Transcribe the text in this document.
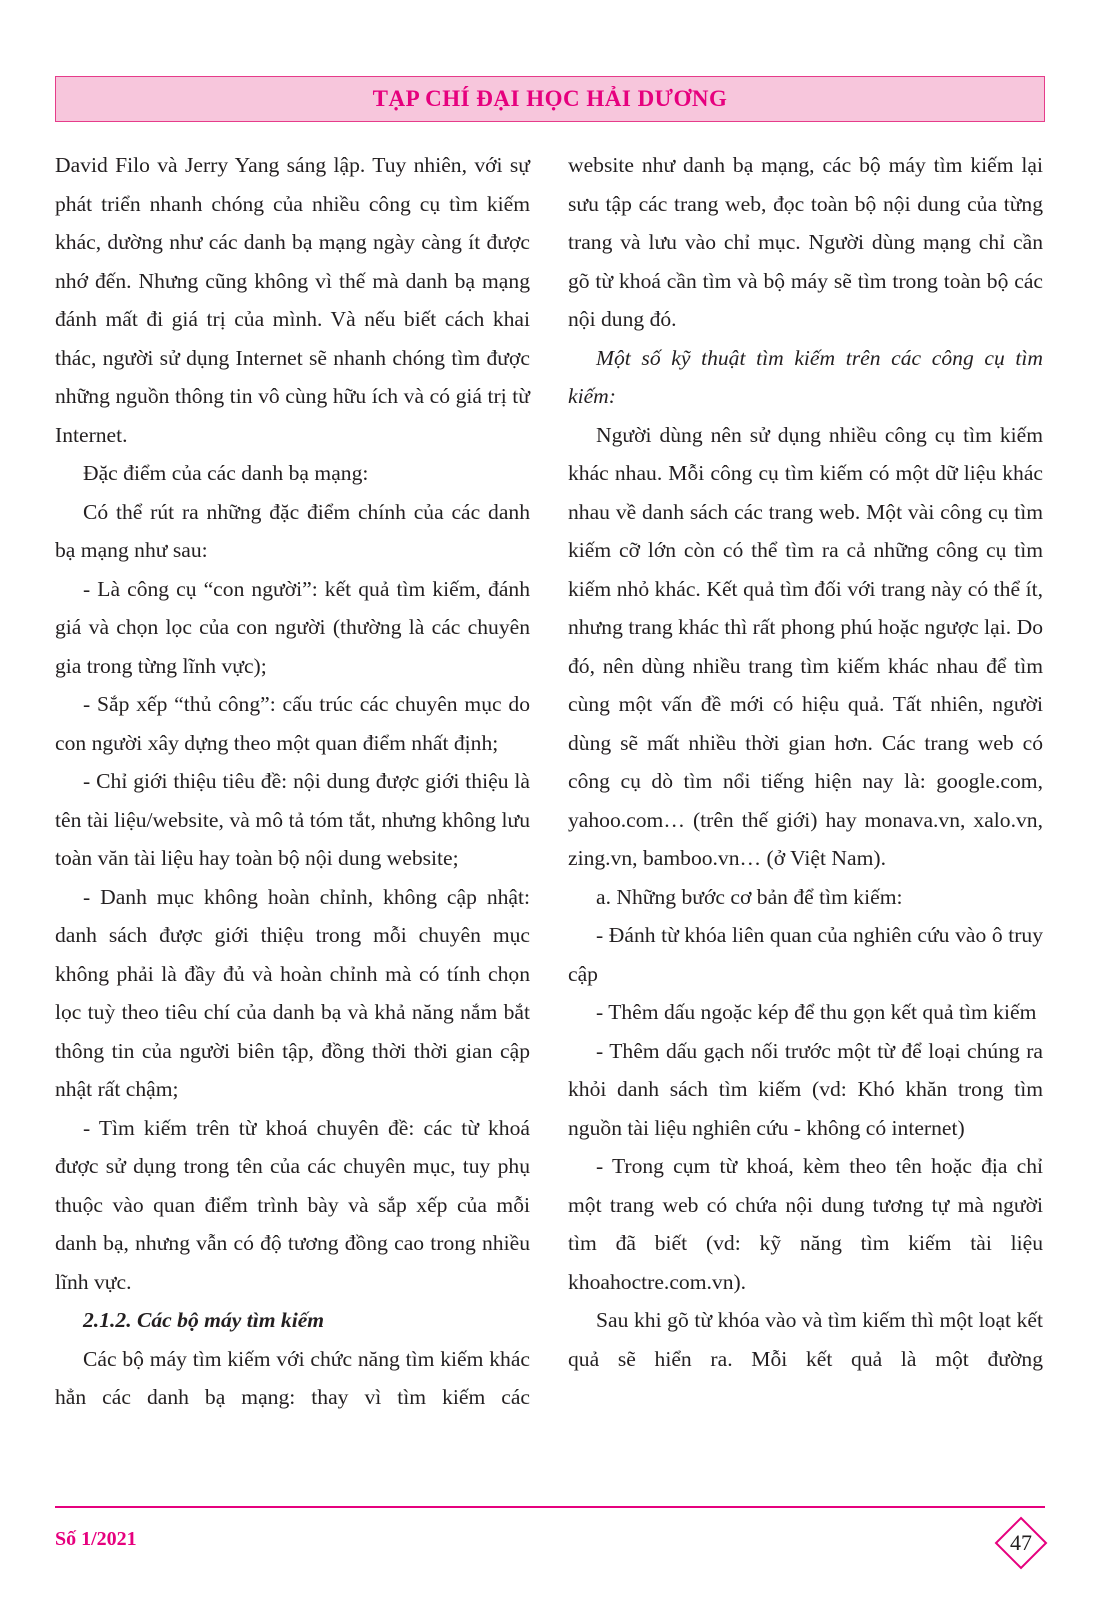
TẠP CHÍ ĐẠI HỌC HẢI DƯƠNG

David Filo và Jerry Yang sáng lập. Tuy nhiên, với sự phát triển nhanh chóng của nhiều công cụ tìm kiếm khác, dường như các danh bạ mạng ngày càng ít được nhớ đến. Nhưng cũng không vì thế mà danh bạ mạng đánh mất đi giá trị của mình. Và nếu biết cách khai thác, người sử dụng Internet sẽ nhanh chóng tìm được những nguồn thông tin vô cùng hữu ích và có giá trị từ Internet.

Đặc điểm của các danh bạ mạng:

Có thể rút ra những đặc điểm chính của các danh bạ mạng như sau:

- Là công cụ “con người”: kết quả tìm kiếm, đánh giá và chọn lọc của con người (thường là các chuyên gia trong từng lĩnh vực);

- Sắp xếp “thủ công”: cấu trúc các chuyên mục do con người xây dựng theo một quan điểm nhất định;

- Chỉ giới thiệu tiêu đề: nội dung được giới thiệu là tên tài liệu/website, và mô tả tóm tắt, nhưng không lưu toàn văn tài liệu hay toàn bộ nội dung website;

- Danh mục không hoàn chỉnh, không cập nhật: danh sách được giới thiệu trong mỗi chuyên mục không phải là đầy đủ và hoàn chỉnh mà có tính chọn lọc tuỳ theo tiêu chí của danh bạ và khả năng nắm bắt thông tin của người biên tập, đồng thời thời gian cập nhật rất chậm;

- Tìm kiếm trên từ khoá chuyên đề: các từ khoá được sử dụng trong tên của các chuyên mục, tuy phụ thuộc vào quan điểm trình bày và sắp xếp của mỗi danh bạ, nhưng vẫn có độ tương đồng cao trong nhiều lĩnh vực.

2.1.2. Các bộ máy tìm kiếm

Các bộ máy tìm kiếm với chức năng tìm kiếm khác hẳn các danh bạ mạng: thay vì tìm kiếm các

website như danh bạ mạng, các bộ máy tìm kiếm lại sưu tập các trang web, đọc toàn bộ nội dung của từng trang và lưu vào chỉ mục. Người dùng mạng chỉ cần gõ từ khoá cần tìm và bộ máy sẽ tìm trong toàn bộ các nội dung đó.

Một số kỹ thuật tìm kiếm trên các công cụ tìm kiếm:

Người dùng nên sử dụng nhiều công cụ tìm kiếm khác nhau. Mỗi công cụ tìm kiếm có một dữ liệu khác nhau về danh sách các trang web. Một vài công cụ tìm kiếm cỡ lớn còn có thể tìm ra cả những công cụ tìm kiếm nhỏ khác. Kết quả tìm đối với trang này có thể ít, nhưng trang khác thì rất phong phú hoặc ngược lại. Do đó, nên dùng nhiều trang tìm kiếm khác nhau để tìm cùng một vấn đề mới có hiệu quả. Tất nhiên, người dùng sẽ mất nhiều thời gian hơn. Các trang web có công cụ dò tìm nổi tiếng hiện nay là: google.com, yahoo.com… (trên thế giới) hay monava.vn, xalo.vn, zing.vn, bamboo.vn… (ở Việt Nam).

a. Những bước cơ bản để tìm kiếm:

- Đánh từ khóa liên quan của nghiên cứu vào ô truy cập

- Thêm dấu ngoặc kép để thu gọn kết quả tìm kiếm

- Thêm dấu gạch nối trước một từ để loại chúng ra khỏi danh sách tìm kiếm (vd: Khó khăn trong tìm nguồn tài liệu nghiên cứu - không có internet)

- Trong cụm từ khoá, kèm theo tên hoặc địa chỉ một trang web có chứa nội dung tương tự mà người tìm đã biết (vd: kỹ năng tìm kiếm tài liệu khoahoctre.com.vn).

Sau khi gõ từ khóa vào và tìm kiếm thì một loạt kết quả sẽ hiển ra. Mỗi kết quả là một đường

Số 1/2021	47
